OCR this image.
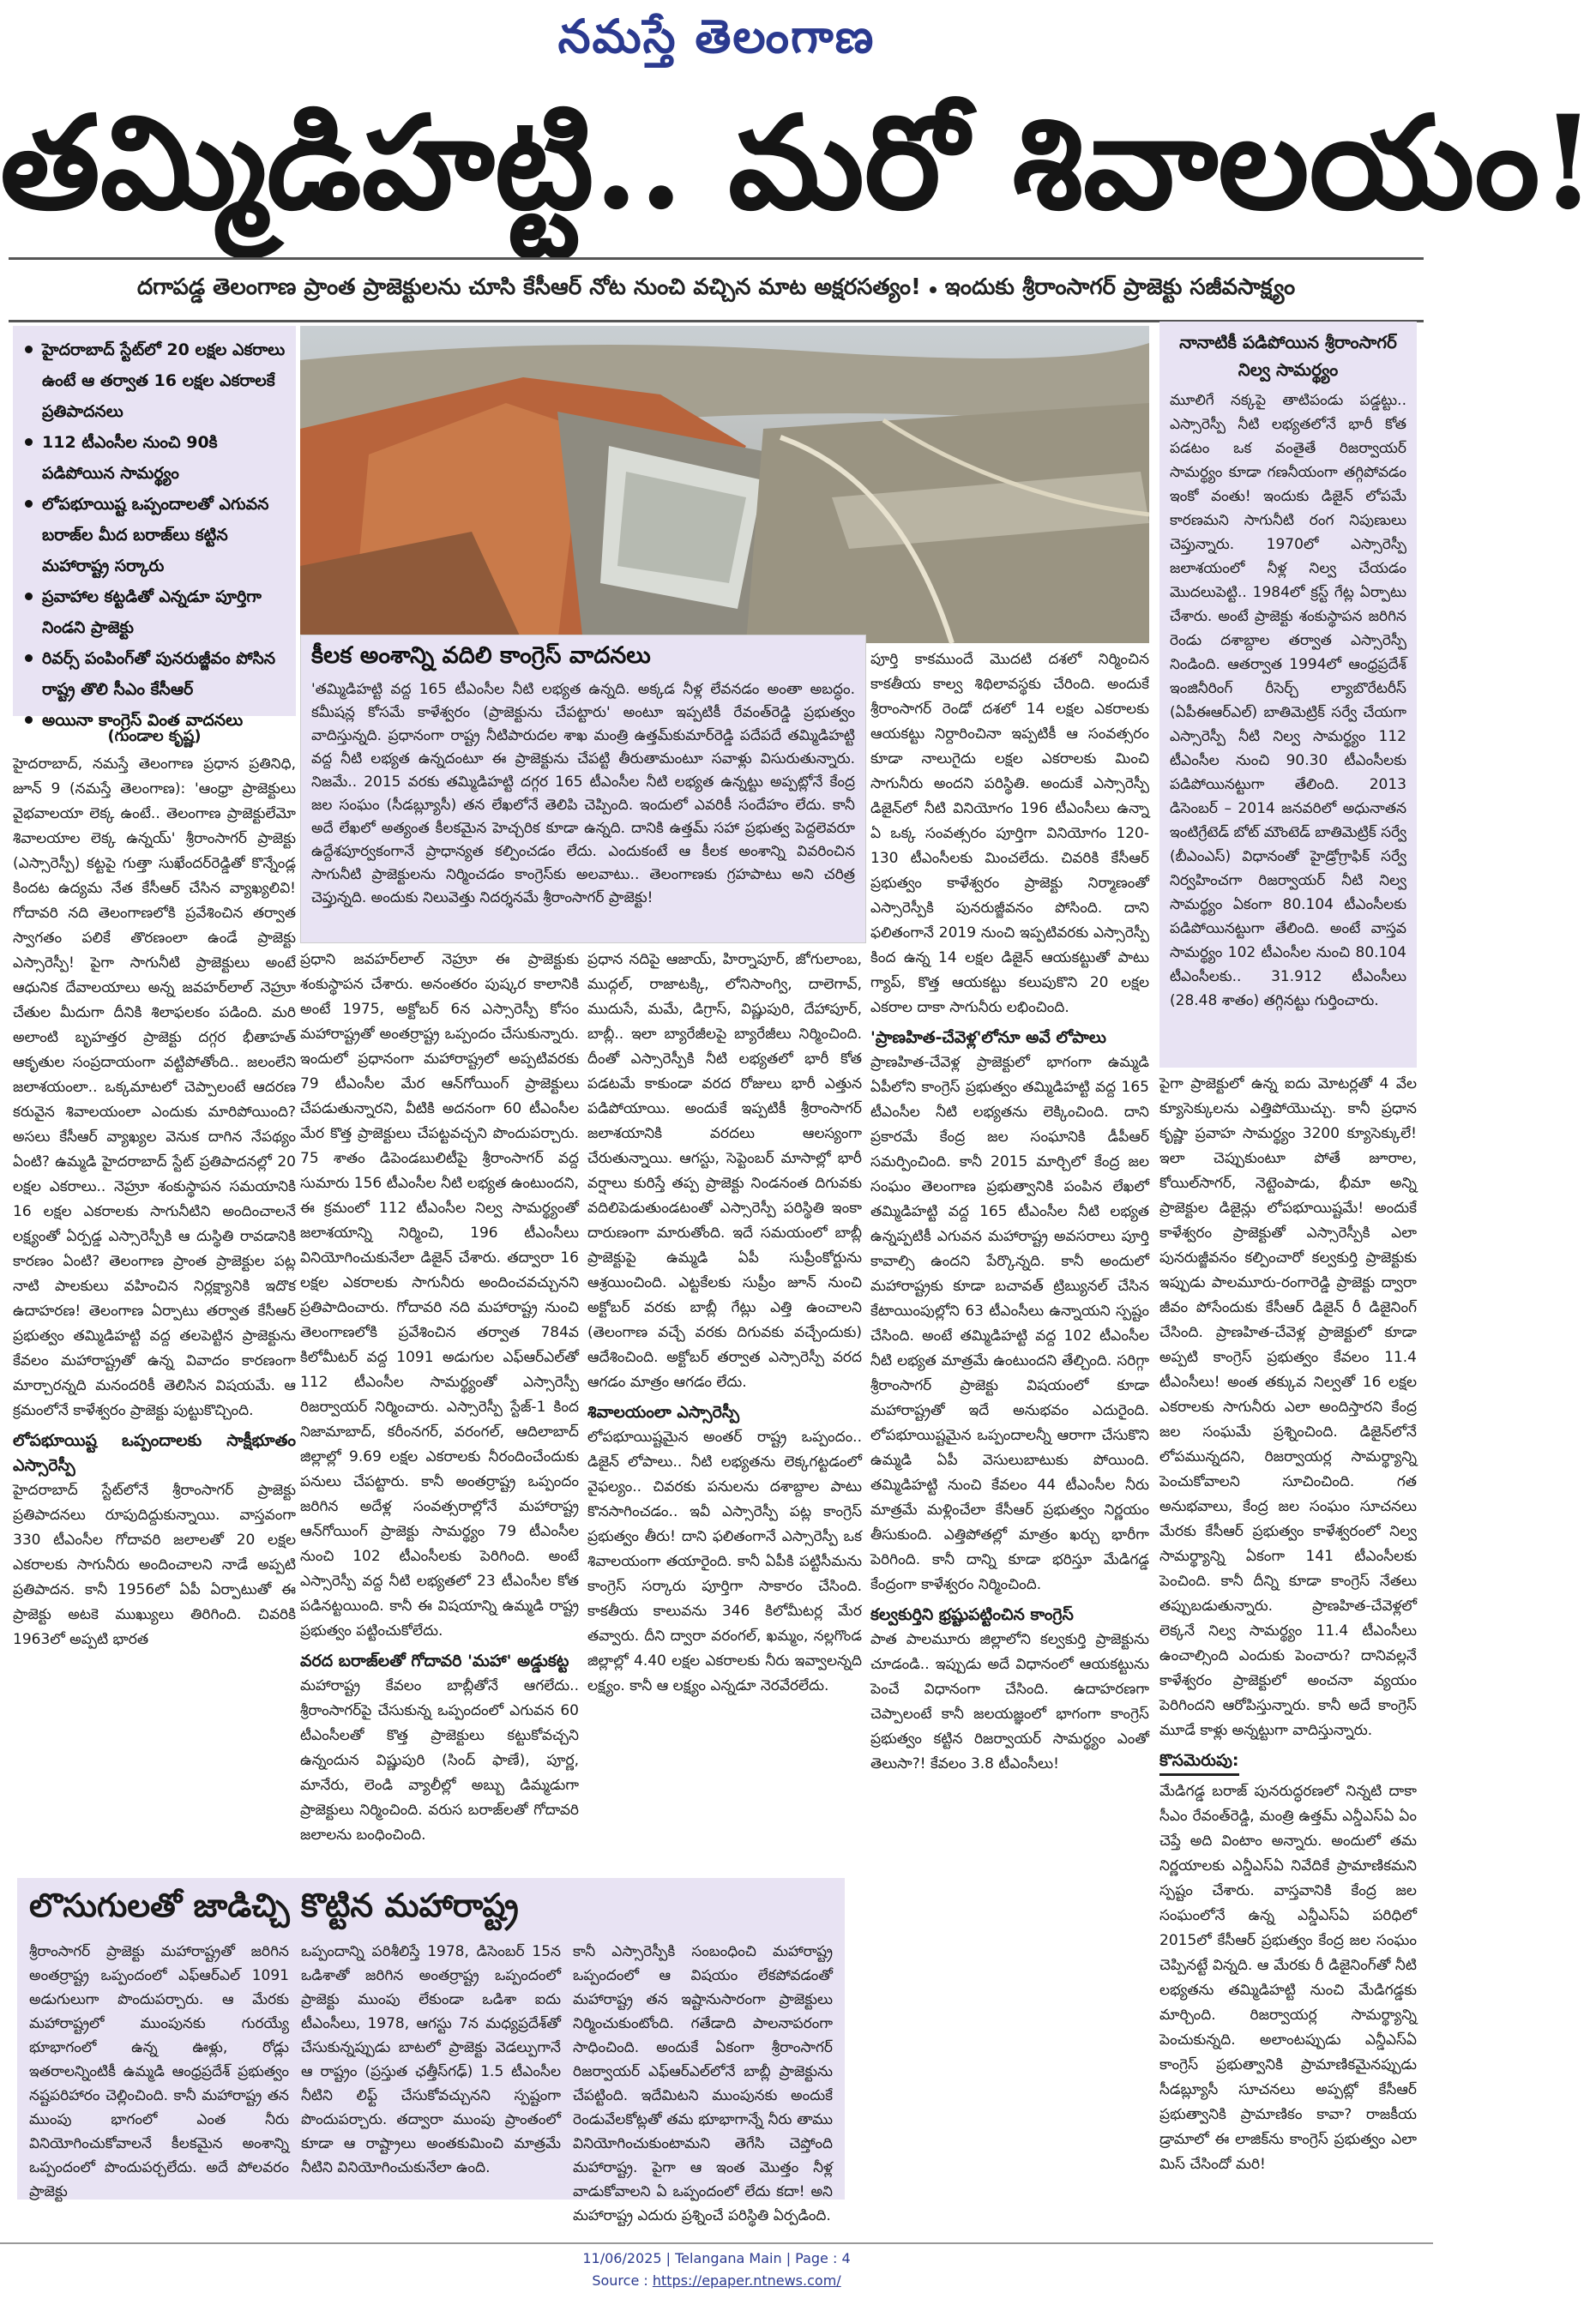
నమస్తే తెలంగాణ
తమ్మిడిహట్టి.. మరో శివాలయం!
దగాపడ్డ తెలంగాణ ప్రాంత ప్రాజెక్టులను చూసి కేసీఆర్ నోట నుంచి వచ్చిన మాట అక్షరసత్యం! ఇందుకు శ్రీరాంసాగర్ ప్రాజెక్టు సజీవసాక్ష్యం
హైదరాబాద్ స్టేట్‌లో 20 లక్షల ఎకరాలు ఉంటే ఆ తర్వాత 16 లక్షల ఎకరాలకే ప్రతిపాదనలు
112 టీఎంసీల నుంచి 90కి పడిపోయిన సామర్థ్యం
లోపభూయిష్ట ఒప్పందాలతో ఎగువన బరాజ్‌ల మీద బరాజ్‌లు కట్టిన మహారాష్ట్ర సర్కారు
ప్రవాహాల కట్టడితో ఎన్నడూ పూర్తిగా నిండని ప్రాజెక్టు
రివర్స్ పంపింగ్‌తో పునరుజ్జీవం పోసిన రాష్ట్ర తొలి సీఎం కేసీఆర్
అయినా కాంగ్రెస్ వింత వాదనలు
కీలక అంశాన్ని వదిలి కాంగ్రెస్ వాదనలు
'తమ్మిడిహట్టి వద్ద 165 టీఎంసీల నీటి లభ్యత ఉన్నది. అక్కడ నీళ్ల లేవనడం అంతా అబద్ధం. కమీషన్ల కోసమే కాళేశ్వరం (ప్రాజెక్టును చేపట్టారు' అంటూ ఇప్పటికీ రేవంత్‌రెడ్డి ప్రభుత్వం వాదిస్తున్నది. ప్రధానంగా రాష్ట్ర నీటిపారుదల శాఖ మంత్రి ఉత్తమ్‌కుమార్‌రెడ్డి పదేపదే తమ్మిడిహట్టి వద్ద నీటి లభ్యత ఉన్నదంటూ ఈ ప్రాజెక్టును చేపట్టి తీరుతామంటూ సవాళ్లు విసురుతున్నారు. నిజమే.. 2015 వరకు తమ్మిడిహట్టి దగ్గర 165 టీఎంసీల నీటి లభ్యత ఉన్నట్టు అప్పట్లోనే కేంద్ర జల సంఘం (సీడబ్ల్యూసీ) తన లేఖలోనే తెలిపి చెప్పింది. ఇందులో ఎవరికీ సందేహం లేదు. కానీ అదే లేఖలో అత్యంత కీలకమైన హెచ్చరిక కూడా ఉన్నది. దానికి ఉత్తమ్ సహా ప్రభుత్వ పెద్దలెవరూ ఉద్దేశపూర్వకంగానే ప్రాధాన్యత కల్పించడం లేదు. ఎందుకంటే ఆ కీలక అంశాన్ని వివరించిన సాగునీటి ప్రాజెక్టులను నిర్మించడం కాంగ్రెస్‌కు అలవాటు.. తెలంగాణకు గ్రహపాటు అని చరిత్ర చెప్తున్నది. అందుకు నిలువెత్తు నిదర్శనమే శ్రీరాంసాగర్ ప్రాజెక్టు!
నానాటికీ పడిపోయిన శ్రీరాంసాగర్ నిల్వ సామర్థ్యం
మూలిగే నక్కపై తాటిపండు పడ్డట్టు.. ఎస్సారెస్పీ నీటి లభ్యతలోనే భారీ కోత పడటం ఒక వంతైతే రిజర్వాయర్ సామర్థ్యం కూడా గణనీయంగా తగ్గిపోవడం ఇంకో వంతు! ఇందుకు డిజైన్ లోపమే కారణమని సాగునీటి రంగ నిపుణులు చెప్తున్నారు. 1970లో ఎస్సారెస్పీ జలాశయంలో నీళ్ల నిల్వ చేయడం మొదలుపెట్టి.. 1984లో క్రస్ట్ గేట్ల ఏర్పాటు చేశారు. అంటే ప్రాజెక్టు శంకుస్థాపన జరిగిన రెండు దశాబ్దాల తర్వాత ఎస్సారెస్పీ నిండింది. ఆతర్వాత 1994లో ఆంధ్రప్రదేశ్ ఇంజినీరింగ్ రీసెర్చ్ ల్యాబొరేటరీస్ (ఏపీఈఆర్ఎల్) బాతిమెట్రిక్ సర్వే చేయగా ఎస్సారెస్పీ నీటి నిల్వ సామర్థ్యం 112 టీఎంసీల నుంచి 90.30 టీఎంసీలకు పడిపోయినట్టుగా తేలింది. 2013 డిసెంబర్ – 2014 జనవరిలో అధునాతన ఇంటిగ్రేటెడ్ బోట్ మౌంటెడ్ బాతిమెట్రిక్ సర్వే (బీఎంఎస్) విధానంతో హైడ్రోగ్రాఫిక్ సర్వే నిర్వహించగా రిజర్వాయర్ నీటి నిల్వ సామర్థ్యం ఏకంగా 80.104 టీఎంసీలకు పడిపోయినట్టుగా తేలింది. అంటే వాస్తవ సామర్థ్యం 102 టీఎంసీల నుంచి 80.104 టీఎంసీలకు.. 31.912 టీఎంసీలు (28.48 శాతం) తగ్గినట్టు గుర్తించారు.
(గుండాల కృష్ణ)
హైదరాబాద్, నమస్తే తెలంగాణ ప్రధాన ప్రతినిధి, జూన్ 9 (నమస్తే తెలంగాణ): 'ఆంధ్రా ప్రాజెక్టులు వైభవాలయా లెక్క ఉంటే.. తెలంగాణ ప్రాజెక్టులేమో శివాలయాల లెక్క ఉన్నయ్' శ్రీరాంసాగర్ ప్రాజెక్టు (ఎస్సారెస్పీ) కట్టపై గుత్తా సుఖేందర్‌రెడ్డితో కొన్నేండ్ల కిందట ఉద్యమ నేత కేసీఆర్ చేసిన వ్యాఖ్యలివి! గోదావరి నది తెలంగాణలోకి ప్రవేశించిన తర్వాత స్వాగతం పలికే తొరణంలా ఉండే ప్రాజెక్టు ఎస్సారెస్పీ! పైగా సాగునీటి ప్రాజెక్టులు అంటే ఆధునిక దేవాలయాలు అన్న జవహర్‌లాల్ నెహ్రూ చేతుల మీదుగా దీనికి శిలాఫలకం పడింది. మరి అలాంటి బృహత్తర ప్రాజెక్టు దగ్గర భీతాహత్ ఆకృతుల సంప్రదాయంగా వట్టిపోతోంది.. జలంలేని జలాశయంలా.. ఒక్కమాటలో చెప్పాలంటే ఆదరణ కరువైన శివాలయంలా ఎందుకు మారిపోయింది? అసలు కేసీఆర్ వ్యాఖ్యల వెనుక దాగిన నేపథ్యం ఏంటి? ఉమ్మడి హైదరాబాద్ స్టేట్ ప్రతిపాదనల్లో 20 లక్షల ఎకరాలు.. నెహ్రూ శంకుస్థాపన సమయానికి 16 లక్షల ఎకరాలకు సాగునీటిని అందించాలనే లక్ష్యంతో ఏర్పడ్డ ఎస్సారెస్పీకి ఆ దుస్థితి రావడానికి కారణం ఏంటి? తెలంగాణ ప్రాంత ప్రాజెక్టుల పట్ల నాటి పాలకులు వహించిన నిర్లక్ష్యానికి ఇదొక ఉదాహరణ! తెలంగాణ ఏర్పాటు తర్వాత కేసీఆర్ ప్రభుత్వం తమ్మిడిహట్టి వద్ద తలపెట్టిన ప్రాజెక్టును కేవలం మహారాష్ట్రతో ఉన్న వివాదం కారణంగా మార్చారన్నది మనందరికీ తెలిసిన విషయమే. ఆ క్రమంలోనే కాళేశ్వరం ప్రాజెక్టు పుట్టుకొచ్చింది.
లోపభూయిష్ట ఒప్పందాలకు సాక్షీభూతం ఎస్సారెస్పీ
హైదరాబాద్ స్టేట్‌లోనే శ్రీరాంసాగర్ ప్రాజెక్టు ప్రతిపాదనలు రూపుదిద్దుకున్నాయి. వాస్తవంగా 330 టీఎంసీల గోదావరి జలాలతో 20 లక్షల ఎకరాలకు సాగునీరు అందించాలని నాడే అప్పటి ప్రతిపాదన. కానీ 1956లో ఏపీ ఏర్పాటుతో ఈ ప్రాజెక్టు అటకె ముఖ్యులు తిరిగింది. చివరికి 1963లో అప్పటి భారత
ప్రధాని జవహర్‌లాల్ నెహ్రూ ఈ ప్రాజెక్టుకు శంకుస్థాపన చేశారు. అనంతరం పుష్కర కాలానికి అంటే 1975, అక్టోబర్ 6న ఎస్సారెస్పీ కోసం మహారాష్ట్రతో అంతర్రాష్ట్ర ఒప్పందం చేసుకున్నారు. ఇందులో ప్రధానంగా మహారాష్ట్రలో అప్పటివరకు 79 టీఎంసీల మేర ఆన్‌గోయింగ్ ప్రాజెక్టులు చేపడుతున్నారని, వీటికి అదనంగా 60 టీఎంసీల మేర కొత్త ప్రాజెక్టులు చేపట్టవచ్చని పొందుపర్చారు. 75 శాతం డిపెండబులిటీపై శ్రీరాంసాగర్ వద్ద సుమారు 156 టీఎంసీల నీటి లభ్యత ఉంటుందని, ఈ క్రమంలో 112 టీఎంసీల నిల్వ సామర్థ్యంతో జలాశయాన్ని నిర్మించి, 196 టీఎంసీలు వినియోగించుకునేలా డిజైన్ చేశారు. తద్వారా 16 లక్షల ఎకరాలకు సాగునీరు అందించవచ్చునని ప్రతిపాదించారు. గోదావరి నది మహారాష్ట్ర నుంచి తెలంగాణలోకి ప్రవేశించిన తర్వాత 784వ కిలోమీటర్ వద్ద 1091 అడుగుల ఎఫ్ఆర్ఎల్‌తో 112 టీఎంసీల సామర్థ్యంతో ఎస్సారెస్పీ రిజర్వాయర్ నిర్మించారు. ఎస్సారెస్పీ స్టేజ్-1 కింద నిజామాబాద్, కరీంనగర్, వరంగల్, ఆదిలాబాద్ జిల్లాల్లో 9.69 లక్షల ఎకరాలకు నీరందించేందుకు పనులు చేపట్టారు. కానీ అంతర్రాష్ట్ర ఒప్పందం జరిగిన అదేళ్ల సంవత్సరాల్లోనే మహారాష్ట్ర ఆన్‌గోయింగ్ ప్రాజెక్టు సామర్థ్యం 79 టీఎంసీల నుంచి 102 టీఎంసీలకు పెరిగింది. అంటే ఎస్సారెస్పీ వద్ద నీటి లభ్యతలో 23 టీఎంసీల కోత పడినట్టయింది. కానీ ఈ విషయాన్ని ఉమ్మడి రాష్ట్ర ప్రభుత్వం పట్టించుకోలేదు.
వరద బరాజ్‌లతో గోదావరి 'మహా' అడ్డుకట్ట
మహారాష్ట్ర కేవలం బాబ్లీతోనే ఆగలేదు.. శ్రీరాంసాగర్‌పై చేసుకున్న ఒప్పందంలో ఎగువన 60 టీఎంసీలతో కొత్త ప్రాజెక్టులు కట్టుకోవచ్చని ఉన్నందున విష్ణుపురి (సింద్ ఫాణే), పూర్ణ, మానేరు, లెండి వ్యాలీల్లో అబ్బు డిమ్మడుగా ప్రాజెక్టులు నిర్మించింది. వరుస బరాజ్‌లతో గోదావరి జలాలను బంధించింది.
ప్రధాన నదిపై ఆజాయ్, హిర్నాపూర్, జోగులాంబ, ముద్గల్, రాజాటక్కి, లోనిసాంగ్వి, దాలెగావ్, ముదుసే, మమే, డిగ్రాస్, విష్ణుపురి, దేహాపూర్, బాబ్లీ.. ఇలా బ్యారేజీలపై బ్యారేజీలు నిర్మించింది. దీంతో ఎస్సారెస్పీకి నీటి లభ్యతలో భారీ కోత పడటమే కాకుండా వరద రోజులు భారీ ఎత్తున పడిపోయాయి. అందుకే ఇప్పటికీ శ్రీరాంసాగర్ జలాశయానికి వరదలు ఆలస్యంగా చేరుతున్నాయి. ఆగస్టు, సెప్టెంబర్ మాసాల్లో భారీ వర్షాలు కురిస్తే తప్ప ప్రాజెక్టు నిండనంత దిగువకు వదిలిపెడుతుండటంతో ఎస్సారెస్పీ పరిస్థితి ఇంకా దారుణంగా మారుతోంది. ఇదే సమయంలో బాబ్లీ ప్రాజెక్టుపై ఉమ్మడి ఏపీ సుప్రీంకోర్టును ఆశ్రయించింది. ఎట్టకేలకు సుప్రీం జూన్ నుంచి అక్టోబర్ వరకు బాబ్లీ గేట్లు ఎత్తి ఉంచాలని (తెలంగాణ వచ్చే వరకు దిగువకు వచ్చేందుకు) ఆదేశించింది. అక్టోబర్ తర్వాత ఎస్సారెస్పీ వరద ఆగడం మాత్రం ఆగడం లేదు.
శివాలయంలా ఎస్సారెస్పీ
లోపభూయిష్టమైన అంతర్ రాష్ట్ర ఒప్పందం.. డిజైన్ లోపాలు.. నీటి లభ్యతను లెక్కగట్టడంలో వైఫల్యం.. చివరకు పనులను దశాబ్దాల పాటు కొనసాగించడం.. ఇవీ ఎస్సారెస్పీ పట్ల కాంగ్రెస్ ప్రభుత్వం తీరు! దాని ఫలితంగానే ఎస్సారెస్పీ ఒక శివాలయంగా తయారైంది. కానీ ఏపీకి పట్టిసీమను కాంగ్రెస్ సర్కారు పూర్తిగా సాకారం చేసింది. కాకతీయ కాలువను 346 కిలోమీటర్ల మేర తవ్వారు. దీని ద్వారా వరంగల్, ఖమ్మం, నల్లగొండ జిల్లాల్లో 4.40 లక్షల ఎకరాలకు నీరు ఇవ్వాలన్నది లక్ష్యం. కానీ ఆ లక్ష్యం ఎన్నడూ నెరవేరలేదు.
పూర్తి కాకముందే మొదటి దశలో నిర్మించిన కాకతీయ కాల్వ శిథిలావస్థకు చేరింది. అందుకే శ్రీరాంసాగర్ రెండో దశలో 14 లక్షల ఎకరాలకు ఆయకట్టు నిర్దారించినా ఇప్పటికీ ఆ సంవత్సరం కూడా నాలుగైదు లక్షల ఎకరాలకు మించి సాగునీరు అందని పరిస్థితి. అందుకే ఎస్సారెస్పీ డిజైన్‌లో నీటి వినియోగం 196 టీఎంసీలు ఉన్నా ఏ ఒక్క సంవత్సరం పూర్తిగా వినియోగం 120-130 టీఎంసీలకు మించలేదు. చివరికి కేసీఆర్ ప్రభుత్వం కాళేశ్వరం ప్రాజెక్టు నిర్మాణంతో ఎస్సారెస్పీకి పునరుజ్జీవనం పోసింది. దాని ఫలితంగానే 2019 నుంచి ఇప్పటివరకు ఎస్సారెస్పీ కింద ఉన్న 14 లక్షల డిజైన్ ఆయకట్టుతో పాటు గ్యాప్, కొత్త ఆయకట్టు కలుపుకొని 20 లక్షల ఎకరాల దాకా సాగునీరు లభించింది.
'ప్రాణహిత-చేవెళ్ల'లోనూ అవే లోపాలు
ప్రాణహిత-చేవెళ్ల ప్రాజెక్టులో భాగంగా ఉమ్మడి ఏపీలోని కాంగ్రెస్ ప్రభుత్వం తమ్మిడిహట్టి వద్ద 165 టీఎంసీల నీటి లభ్యతను లెక్కించింది. దాని ప్రకారమే కేంద్ర జల సంఘానికి డీపీఆర్ సమర్పించింది. కానీ 2015 మార్చిలో కేంద్ర జల సంఘం తెలంగాణ ప్రభుత్వానికి పంపిన లేఖలో తమ్మిడిహట్టి వద్ద 165 టీఎంసీల నీటి లభ్యత ఉన్నప్పటికీ ఎగువన మహారాష్ట్ర అవసరాలు పూర్తి కావాల్సి ఉందని పేర్కొన్నది. కానీ అందులో మహారాష్ట్రకు కూడా బచావత్ ట్రిబ్యునల్ చేసిన కేటాయింపుల్లోని 63 టీఎంసీలు ఉన్నాయని స్పష్టం చేసింది. అంటే తమ్మిడిహట్టి వద్ద 102 టీఎంసీల నీటి లభ్యత మాత్రమే ఉంటుందని తేల్చింది. సరిగ్గా శ్రీరాంసాగర్ ప్రాజెక్టు విషయంలో కూడా మహారాష్ట్రతో ఇదే అనుభవం ఎదురైంది. లోపభూయిష్టమైన ఒప్పందాలన్నీ ఆరాగా చేసుకొని ఉమ్మడి ఏపీ వెసులుబాటుకు పోయింది. తమ్మిడిహట్టి నుంచి కేవలం 44 టీఎంసీల నీరు మాత్రమే మళ్లించేలా కేసీఆర్ ప్రభుత్వం నిర్ణయం తీసుకుంది. ఎత్తిపోతల్లో మాత్రం ఖర్చు భారీగా పెరిగింది. కానీ దాన్ని కూడా భరిస్తూ మేడిగడ్డ కేంద్రంగా కాళేశ్వరం నిర్మించింది.
కల్వకుర్తిని భ్రష్టుపట్టించిన కాంగ్రెస్
పాత పాలమూరు జిల్లాలోని కల్వకుర్తి ప్రాజెక్టును చూడండి.. ఇప్పుడు అదే విధానంలో ఆయకట్టును పెంచే విధానంగా చేసింది. ఉదాహరణగా చెప్పాలంటే కానీ జలయజ్ఞంలో భాగంగా కాంగ్రెస్ ప్రభుత్వం కట్టిన రిజర్వాయర్ సామర్థ్యం ఎంతో తెలుసా?! కేవలం 3.8 టీఎంసీలు!
పైగా ప్రాజెక్టులో ఉన్న ఐదు మోటర్లతో 4 వేల క్యూసెక్కులను ఎత్తిపోయొచ్చు. కానీ ప్రధాన కృష్ణా ప్రవాహ సామర్థ్యం 3200 క్యూసెక్కులే! ఇలా చెప్పుకుంటూ పోతే జూరాల, కోయిల్‌సాగర్, నెట్టెంపాడు, భీమా అన్ని ప్రాజెక్టుల డిజైన్లు లోపభూయిష్టమే! అందుకే కాళేశ్వరం ప్రాజెక్టుతో ఎస్సారెస్పీకి ఎలా పునరుజ్జీవనం కల్పించారో కల్వకుర్తి ప్రాజెక్టుకు ఇప్పుడు పాలమూరు-రంగారెడ్డి ప్రాజెక్టు ద్వారా జీవం పోసేందుకు కేసీఆర్ డిజైన్ రీ డిజైనింగ్ చేసింది. ప్రాణహిత-చేవెళ్ల ప్రాజెక్టులో కూడా అప్పటి కాంగ్రెస్ ప్రభుత్వం కేవలం 11.4 టీఎంసీలు! అంత తక్కువ నిల్వతో 16 లక్షల ఎకరాలకు సాగునీరు ఎలా అందిస్తారని కేంద్ర జల సంఘమే ప్రశ్నించింది. డిజైన్‌లోనే లోపమున్నదని, రిజర్వాయర్ల సామర్థ్యాన్ని పెంచుకోవాలని సూచించింది. గత అనుభవాలు, కేంద్ర జల సంఘం సూచనలు మేరకు కేసీఆర్ ప్రభుత్వం కాళేశ్వరంలో నిల్వ సామర్థ్యాన్ని ఏకంగా 141 టీఎంసీలకు పెంచింది. కానీ దీన్ని కూడా కాంగ్రెస్ నేతలు తప్పుబడుతున్నారు. ప్రాణహిత-చేవెళ్లలో లెక్కనే నిల్వ సామర్థ్యం 11.4 టీఎంసీలు ఉంచాల్సింది ఎందుకు పెంచారు? దానివల్లనే కాళేశ్వరం ప్రాజెక్టులో అంచనా వ్యయం పెరిగిందని ఆరోపిస్తున్నారు. కానీ అదే కాంగ్రెస్ మూడే కాళ్లు అన్నట్టుగా వాదిస్తున్నారు.
కొసమెరుపు:
మేడిగడ్డ బరాజ్ పునరుద్ధరణలో నిన్నటి దాకా సీఎం రేవంత్‌రెడ్డి, మంత్రి ఉత్తమ్ ఎన్డీఎస్ఏ ఏం చెప్తే అది వింటాం అన్నారు. అందులో తమ నిర్ణయాలకు ఎన్డీఎస్ఏ నివేదికే ప్రామాణికమని స్పష్టం చేశారు. వాస్తవానికి కేంద్ర జల సంఘంలోనే ఉన్న ఎన్డీఎస్ఏ పరిధిలో 2015లో కేసీఆర్ ప్రభుత్వం కేంద్ర జల సంఘం చెప్పినట్టే విన్నది. ఆ మేరకు రీ డిజైనింగ్‌తో నీటి లభ్యతను తమ్మిడిహట్టి నుంచి మేడిగడ్డకు మార్చింది. రిజర్వాయర్ల సామర్థ్యాన్ని పెంచుకున్నది. అలాంటప్పుడు ఎన్డీఎస్ఏ కాంగ్రెస్ ప్రభుత్వానికి ప్రామాణికమైనప్పుడు సీడబ్ల్యూసీ సూచనలు అప్పట్లో కేసీఆర్ ప్రభుత్వానికి ప్రామాణికం కావా? రాజకీయ డ్రామాలో ఈ లాజిక్‌ను కాంగ్రెస్ ప్రభుత్వం ఎలా మిస్ చేసిందో మరి!
లొసుగులతో జాడిచ్చి కొట్టిన మహారాష్ట్ర
శ్రీరాంసాగర్ ప్రాజెక్టు మహారాష్ట్రతో జరిగిన అంతర్రాష్ట్ర ఒప్పందంలో ఎఫ్ఆర్ఎల్ 1091 అడుగులుగా పొందుపర్చారు. ఆ మేరకు మహారాష్ట్రలో ముంపునకు గురయ్యే భూభాగంలో ఉన్న ఊళ్లు, రోడ్లు ఇతరాలన్నింటికీ ఉమ్మడి ఆంధ్రప్రదేశ్ ప్రభుత్వం నష్టపరిహారం చెల్లించింది. కానీ మహారాష్ట్ర తన ముంపు భాగంలో ఎంత నీరు వినియోగించుకోవాలనే కీలకమైన అంశాన్ని ఒప్పందంలో పొందుపర్చలేదు. అదే పోలవరం ప్రాజెక్టు
ఒప్పందాన్ని పరిశీలిస్తే 1978, డిసెంబర్ 15న ఒడిశాతో జరిగిన అంతర్రాష్ట్ర ఒప్పందంలో ప్రాజెక్టు ముంపు లేకుండా ఒడిశా ఐదు టీఎంసీలు, 1978, ఆగస్టు 7న మధ్యప్రదేశ్‌తో చేసుకున్నప్పుడు బాటలో ప్రాజెక్టు వెడల్పుగానే ఆ రాష్ట్రం (ప్రస్తుత ఛత్తీస్‌గఢ్) 1.5 టీఎంసీల నీటిని లిఫ్ట్ చేసుకోవచ్చునని స్పష్టంగా పొందుపర్చారు. తద్వారా ముంపు ప్రాంతంలో కూడా ఆ రాష్ట్రాలు అంతకుమించి మాత్రమే నీటిని వినియోగించుకునేలా ఉంది.
కానీ ఎస్సారెస్పీకి సంబంధించి మహారాష్ట్ర ఒప్పందంలో ఆ విషయం లేకపోవడంతో మహారాష్ట్ర తన ఇష్టానుసారంగా ప్రాజెక్టులు నిర్మించుకుంటోంది. గతేడాది పాలనాపరంగా సాధించింది. అందుకే ఏకంగా శ్రీరాంసాగర్ రిజర్వాయర్ ఎఫ్ఆర్ఎల్‌లోనే బాబ్లీ ప్రాజెక్టును చేపట్టింది. ఇదేమిటని ముంపునకు అందుకే రెండువేలకోట్లతో తమ భూభాగాన్నే నీరు తాము వినియోగించుకుంటామని తెగేసి చెప్తోంది మహారాష్ట్ర. పైగా ఆ ఇంత మొత్తం నీళ్ల వాడుకోవాలని ఏ ఒప్పందంలో లేదు కదా! అని మహారాష్ట్ర ఎదురు ప్రశ్నించే పరిస్థితి ఏర్పడింది.
11/06/2025 | Telangana Main | Page : 4
Source : https://epaper.ntnews.com/
